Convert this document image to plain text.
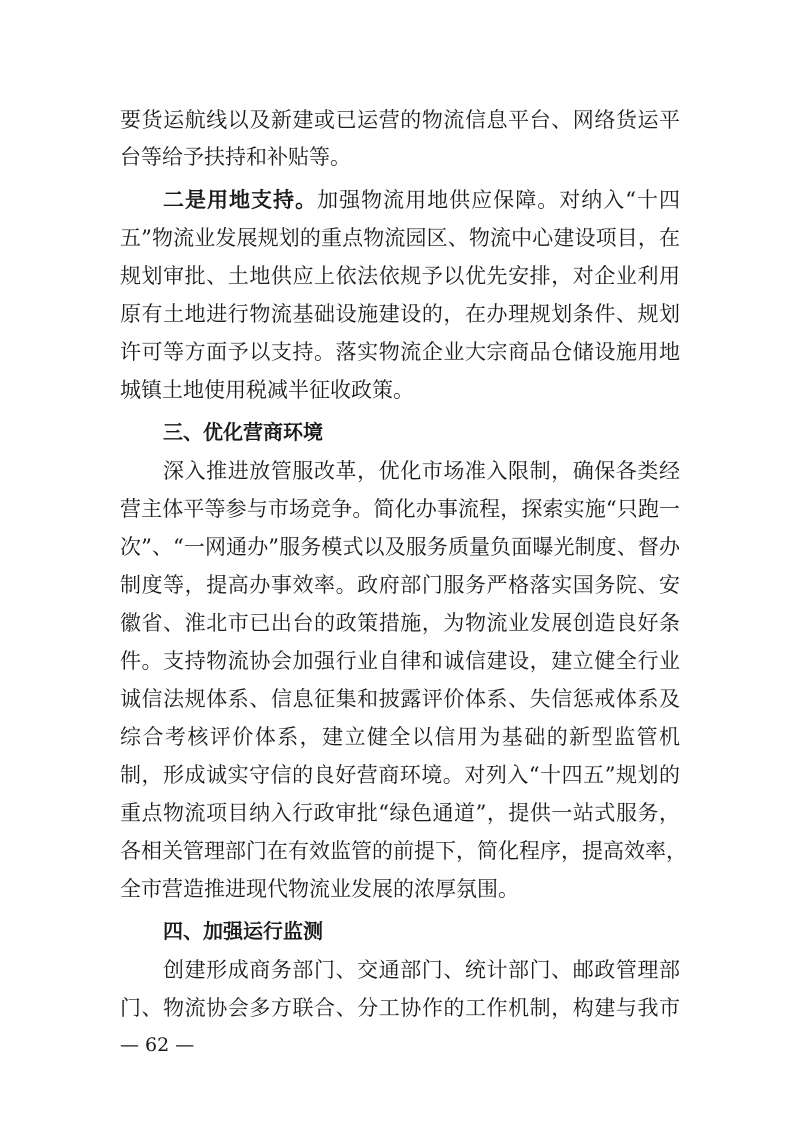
要货运航线以及新建或已运营的物流信息平台、网络货运平
台等给予扶持和补贴等。
二是用地支持。加强物流用地供应保障。对纳入“十四
五”物流业发展规划的重点物流园区、物流中心建设项目，在
规划审批、土地供应上依法依规予以优先安排，对企业利用
原有土地进行物流基础设施建设的，在办理规划条件、规划
许可等方面予以支持。落实物流企业大宗商品仓储设施用地
城镇土地使用税减半征收政策。
三、优化营商环境
深入推进放管服改革，优化市场准入限制，确保各类经
营主体平等参与市场竞争。简化办事流程，探索实施“只跑一
次”、“一网通办”服务模式以及服务质量负面曝光制度、督办
制度等，提高办事效率。政府部门服务严格落实国务院、安
徽省、淮北市已出台的政策措施，为物流业发展创造良好条
件。支持物流协会加强行业自律和诚信建设，建立健全行业
诚信法规体系、信息征集和披露评价体系、失信惩戒体系及
综合考核评价体系，建立健全以信用为基础的新型监管机
制，形成诚实守信的良好营商环境。对列入“十四五”规划的
重点物流项目纳入行政审批“绿色通道”，提供一站式服务，
各相关管理部门在有效监管的前提下，简化程序，提高效率，
全市营造推进现代物流业发展的浓厚氛围。
四、加强运行监测
创建形成商务部门、交通部门、统计部门、邮政管理部
门、物流协会多方联合、分工协作的工作机制，构建与我市
— 62 —
